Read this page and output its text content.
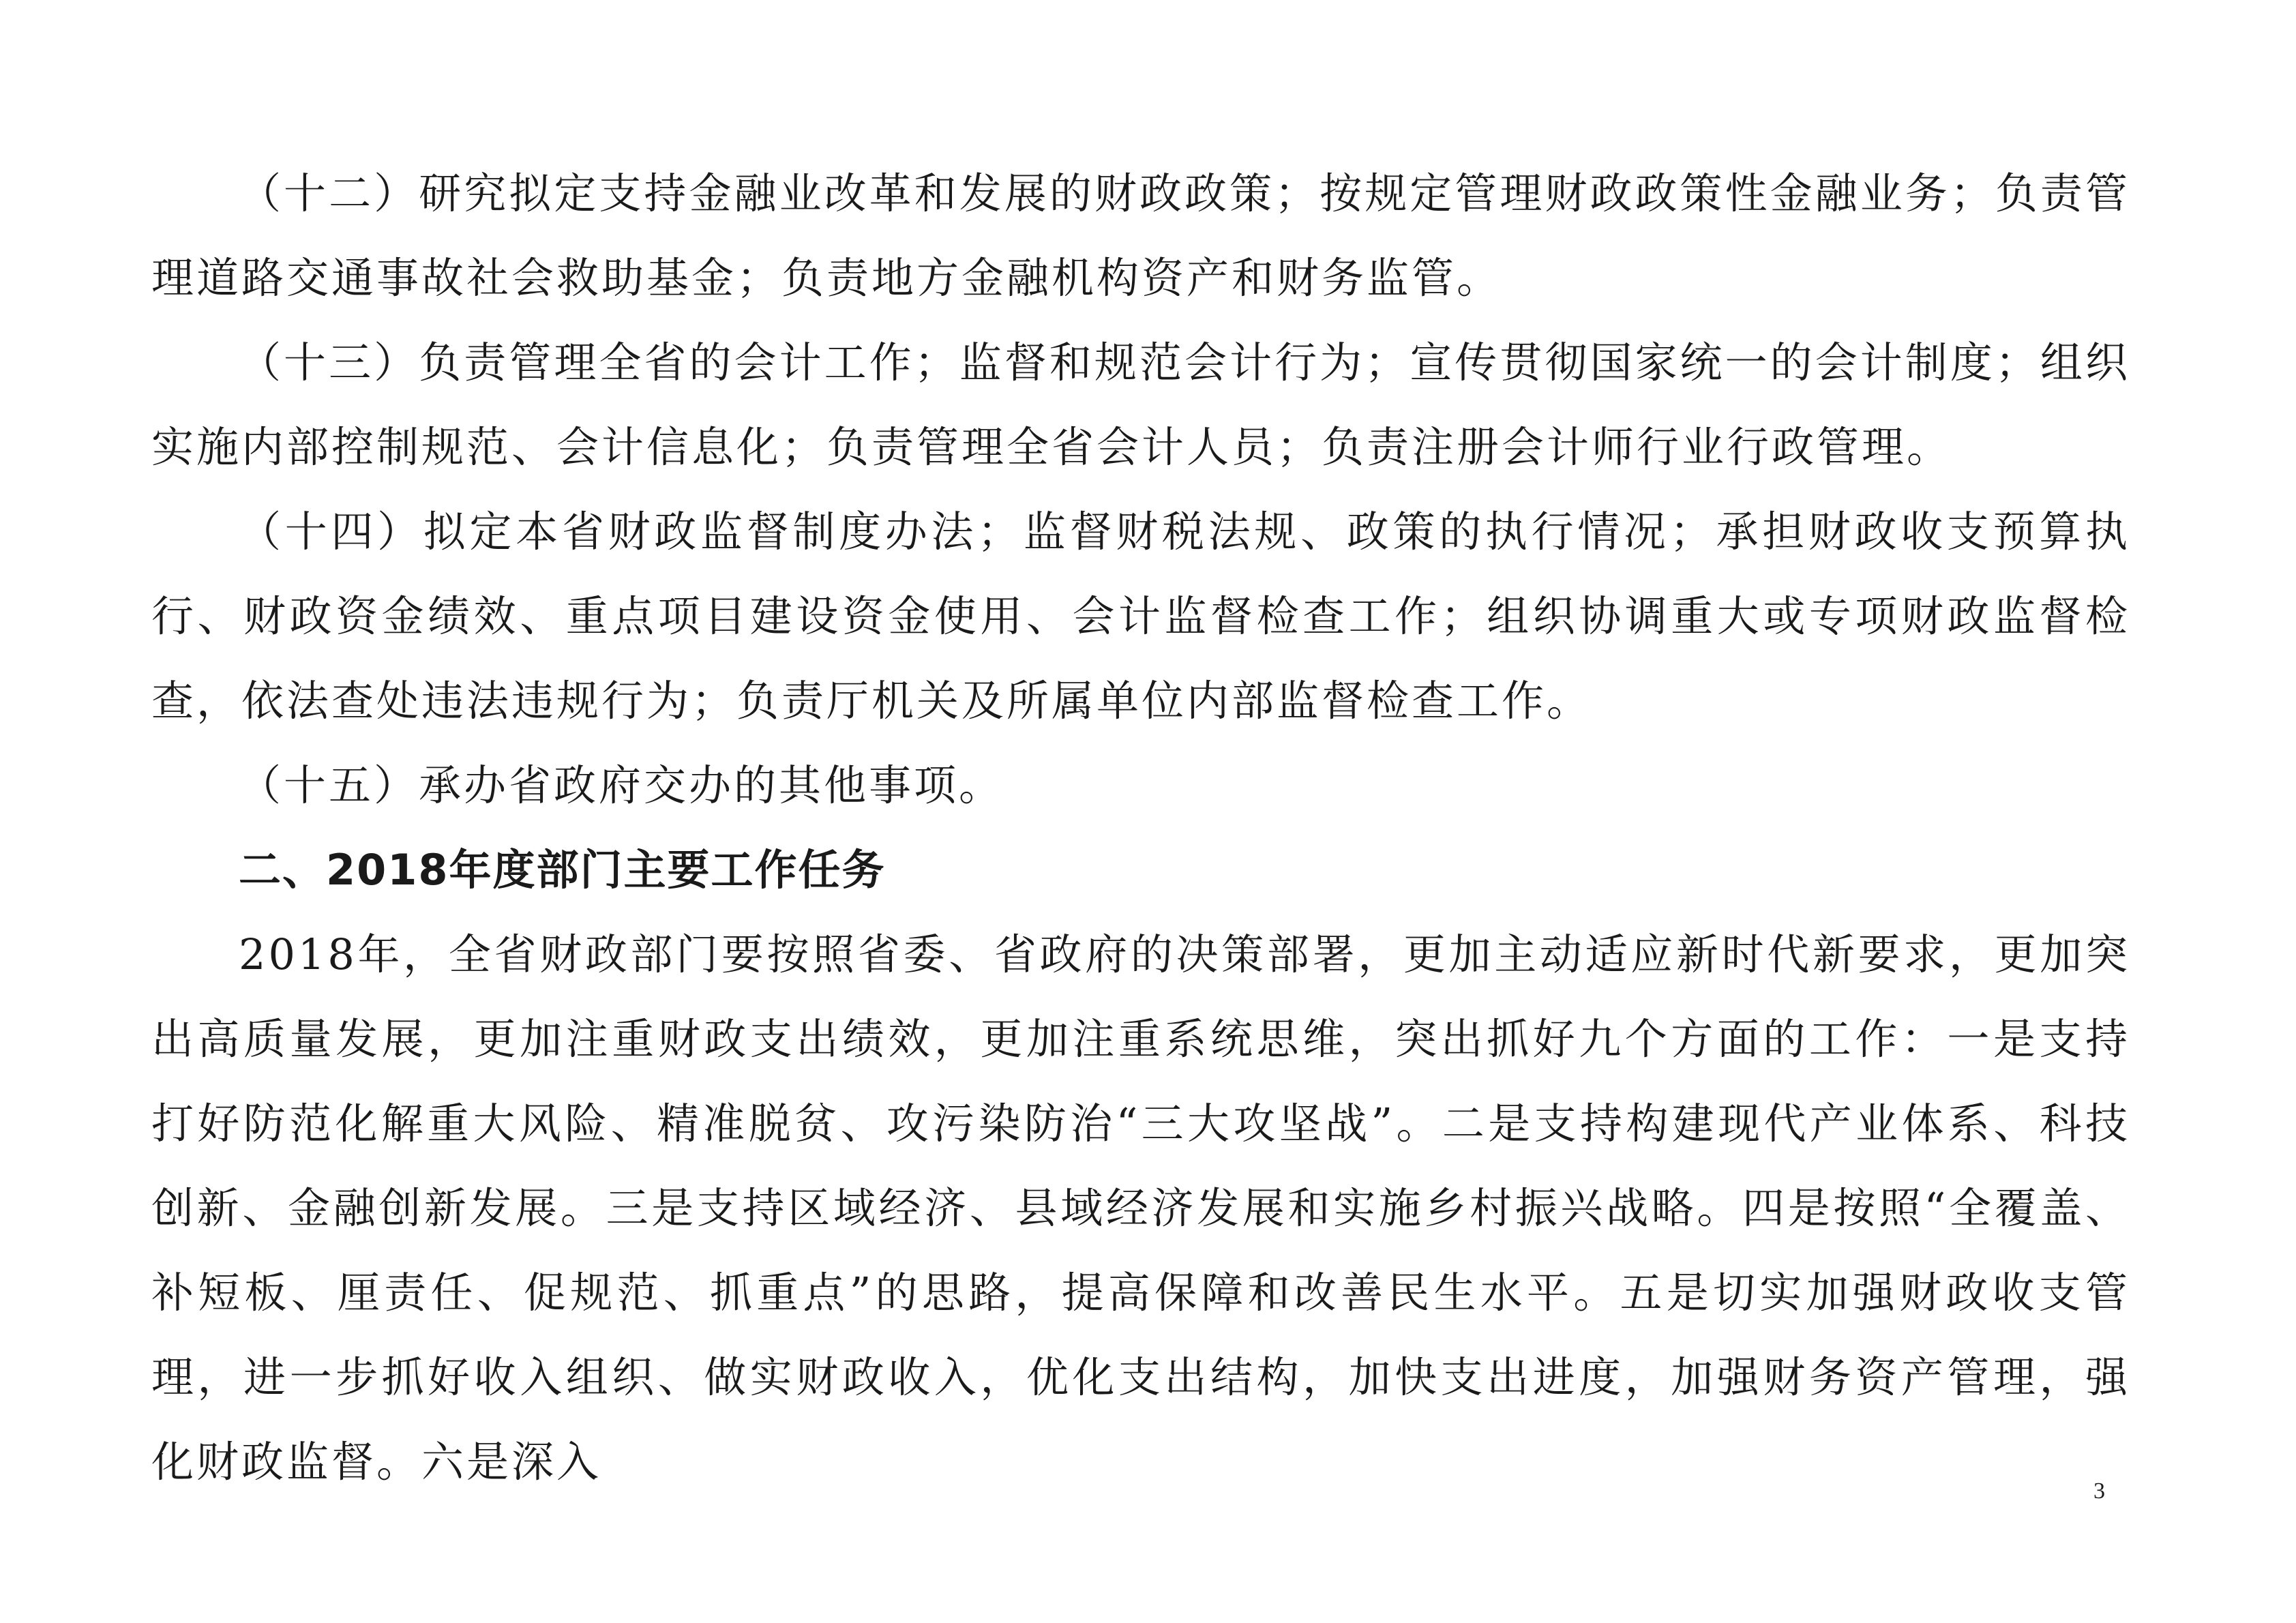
（十二）研究拟定支持金融业改革和发展的财政政策；按规定管理财政政策性金融业务；负责管理道路交通事故社会救助基金；负责地方金融机构资产和财务监管。

（十三）负责管理全省的会计工作；监督和规范会计行为；宣传贯彻国家统一的会计制度；组织实施内部控制规范、会计信息化；负责管理全省会计人员；负责注册会计师行业行政管理。

（十四）拟定本省财政监督制度办法；监督财税法规、政策的执行情况；承担财政收支预算执行、财政资金绩效、重点项目建设资金使用、会计监督检查工作；组织协调重大或专项财政监督检查，依法查处违法违规行为；负责厅机关及所属单位内部监督检查工作。

（十五）承办省政府交办的其他事项。

二、2018年度部门主要工作任务

2018年，全省财政部门要按照省委、省政府的决策部署，更加主动适应新时代新要求，更加突出高质量发展，更加注重财政支出绩效，更加注重系统思维，突出抓好九个方面的工作：一是支持打好防范化解重大风险、精准脱贫、攻污染防治“三大攻坚战”。二是支持构建现代产业体系、科技创新、金融创新发展。三是支持区域经济、县域经济发展和实施乡村振兴战略。四是按照“全覆盖、补短板、厘责任、促规范、抓重点”的思路，提高保障和改善民生水平。五是切实加强财政收支管理，进一步抓好收入组织、做实财政收入，优化支出结构，加快支出进度，加强财务资产管理，强化财政监督。六是深入

3
